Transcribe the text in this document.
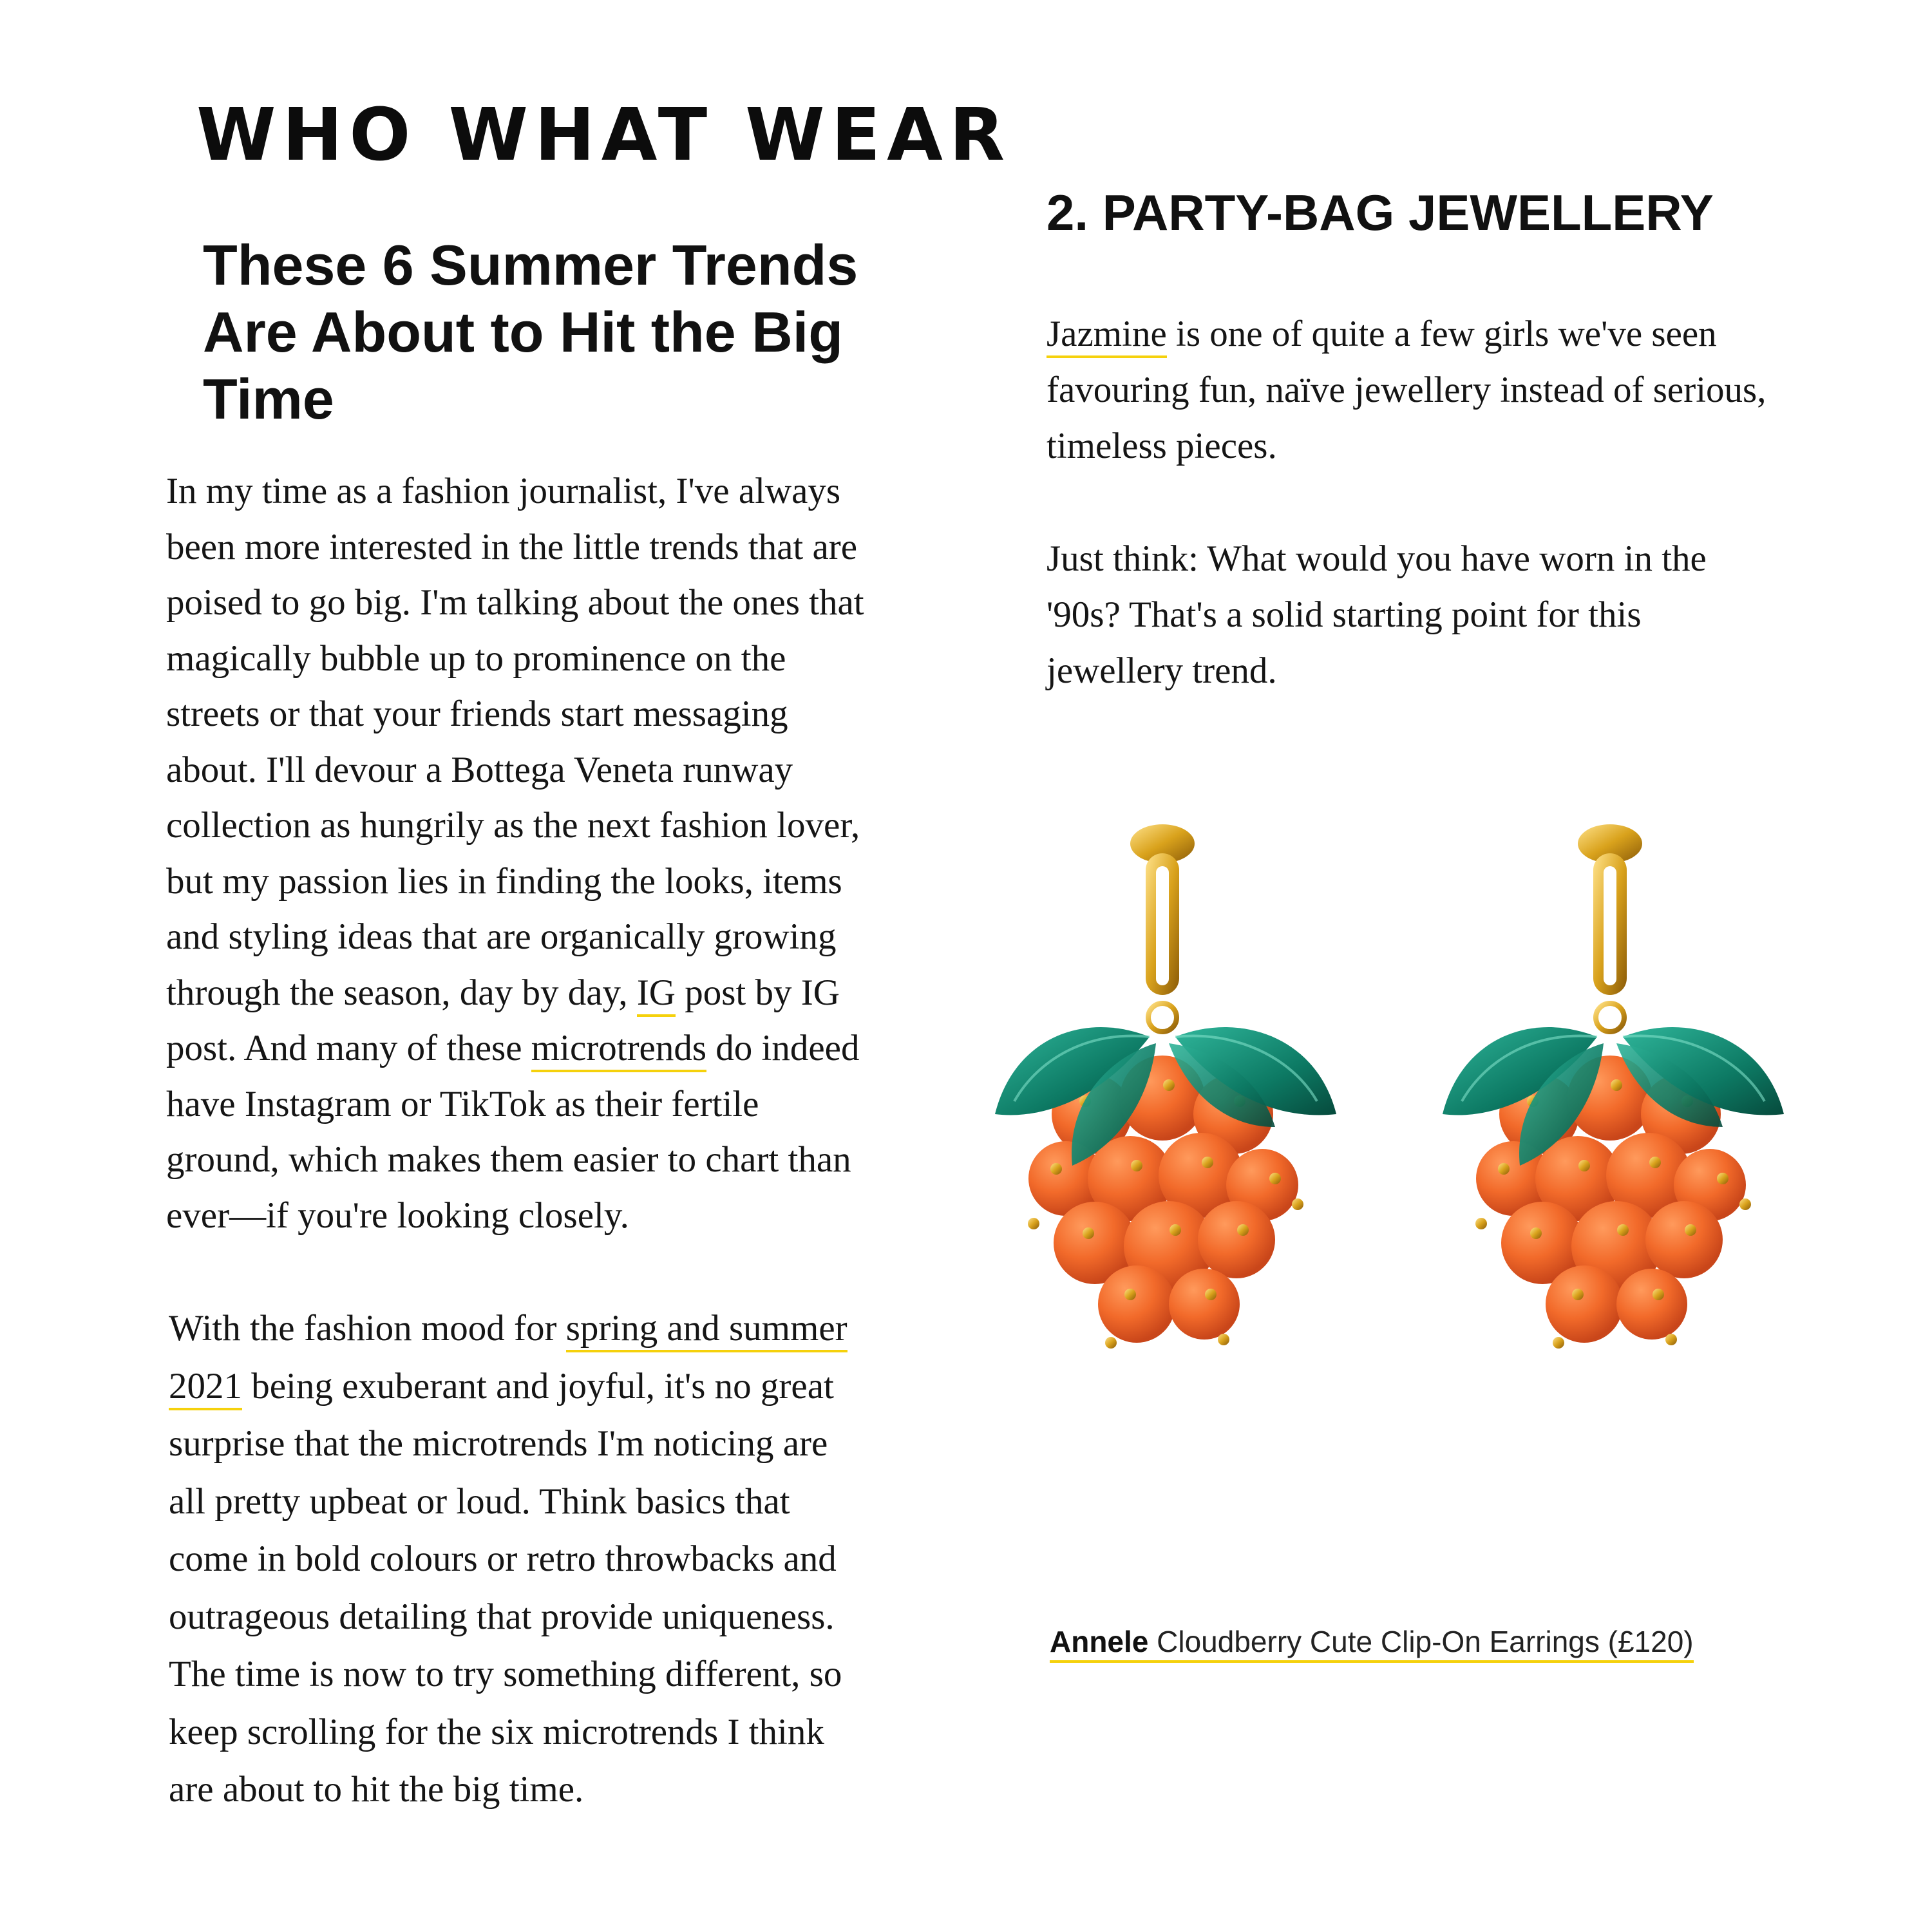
WHO WHAT WEAR
These 6 Summer Trends Are About to Hit the Big Time

In my time as a fashion journalist, I've always been more interested in the little trends that are poised to go big. I'm talking about the ones that magically bubble up to prominence on the streets or that your friends start messaging about. I'll devour a Bottega Veneta runway collection as hungrily as the next fashion lover, but my passion lies in finding the looks, items and styling ideas that are organically growing through the season, day by day, IG post by IG post. And many of these microtrends do indeed have Instagram or TikTok as their fertile ground, which makes them easier to chart than ever—if you're looking closely.

With the fashion mood for spring and summer 2021 being exuberant and joyful, it's no great surprise that the microtrends I'm noticing are all pretty upbeat or loud. Think basics that come in bold colours or retro throwbacks and outrageous detailing that provide uniqueness. The time is now to try something different, so keep scrolling for the six microtrends I think are about to hit the big time.

2. PARTY-BAG JEWELLERY

Jazmine is one of quite a few girls we've seen favouring fun, naïve jewellery instead of serious, timeless pieces.

Just think: What would you have worn in the '90s? That's a solid starting point for this jewellery trend.

Annele Cloudberry Cute Clip-On Earrings (£120)
